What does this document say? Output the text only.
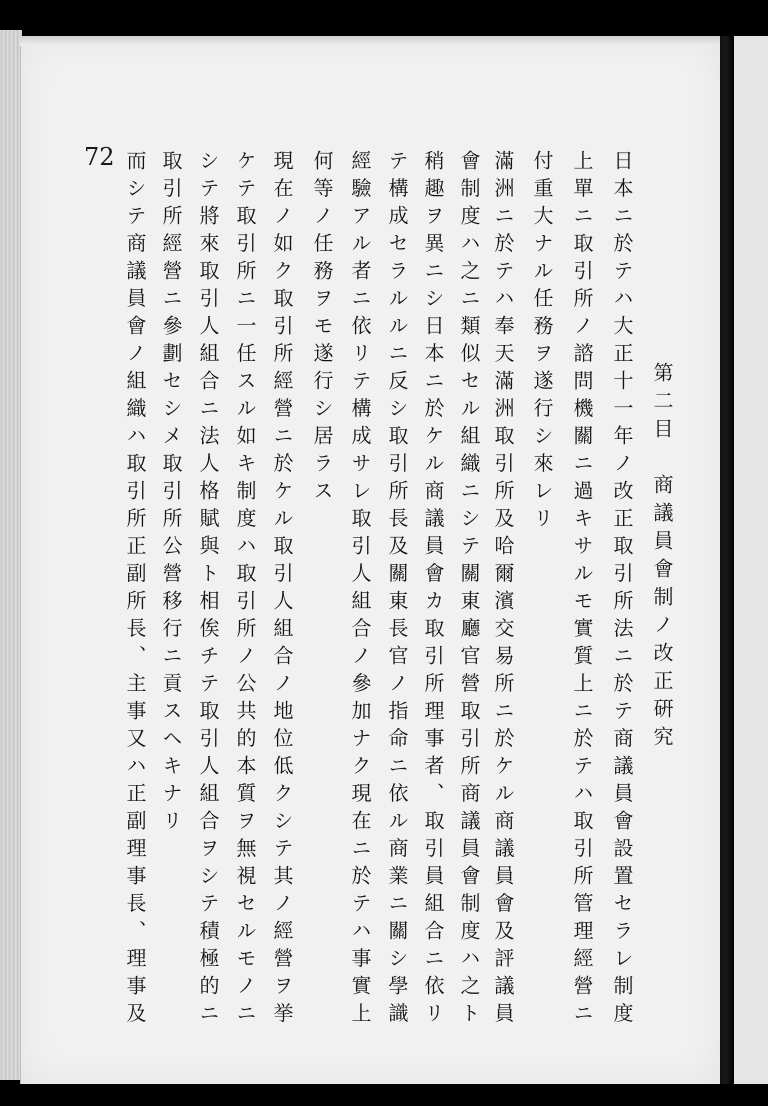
72
第二目　商議員會制ノ改正硏究
日本ニ於テハ大正十一年ノ改正取引所法ニ於テ商議員會設置セラレ制度
上單ニ取引所ノ諮問機關ニ過キサルモ實質上ニ於テハ取引所管理經營ニ
付重大ナル任務ヲ遂行シ來レリ
滿洲ニ於テハ奉天滿洲取引所及哈爾濱交易所ニ於ケル商議員會及評議員
會制度ハ之ニ類似セル組織ニシテ關東廳官營取引所商議員會制度ハ之ト
稍趣ヲ異ニシ日本ニ於ケル商議員會カ取引所理事者、取引員組合ニ依リ
テ構成セラルルニ反シ取引所長及關東長官ノ指命ニ依ル商業ニ關シ學識
經驗アル者ニ依リテ構成サレ取引人組合ノ參加ナク現在ニ於テハ事實上
何等ノ任務ヲモ遂行シ居ラス
現在ノ如ク取引所經營ニ於ケル取引人組合ノ地位低クシテ其ノ經營ヲ挙
ケテ取引所ニ一任スル如キ制度ハ取引所ノ公共的本質ヲ無視セルモノニ
シテ將來取引人組合ニ法人格賦與ト相俟チテ取引人組合ヲシテ積極的ニ
取引所經營ニ參劃セシメ取引所公營移行ニ貢スヘキナリ
而シテ商議員會ノ組織ハ取引所正副所長、主事又ハ正副理事長、理事及
